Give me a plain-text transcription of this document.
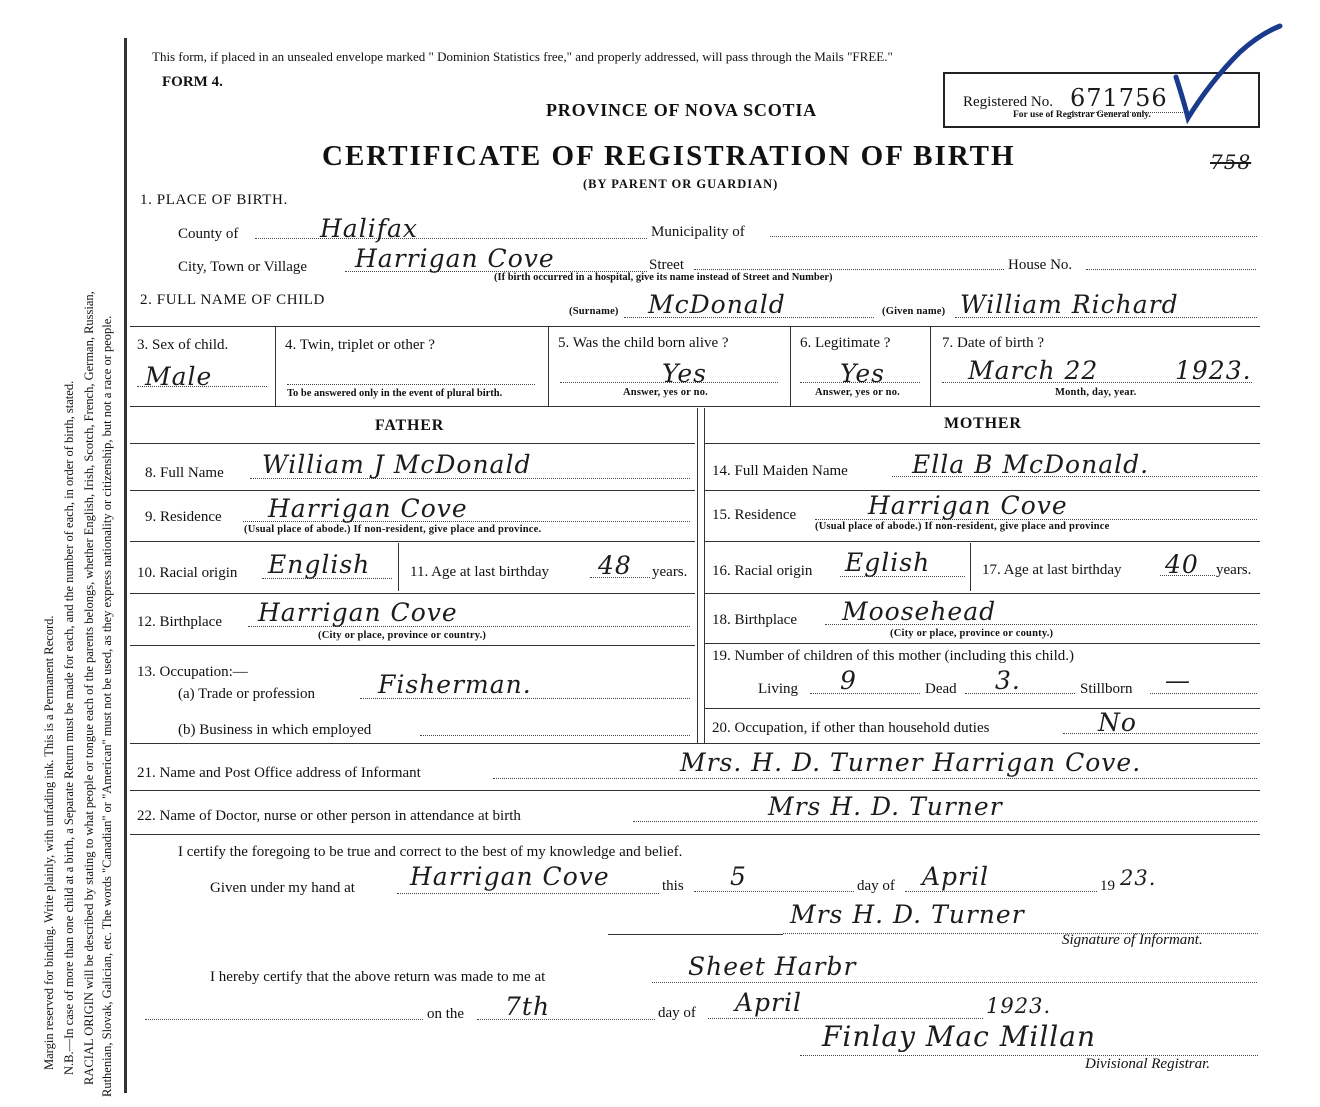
Margin reserved for binding. Write plainly, with unfading ink. This is a Permanent Record. N.B.—In case of more than one child at a birth, a Separate Return must be made for each, and the number of each, in order of birth, stated. RACIAL ORIGIN will be described by stating to what people or tongue each of the parents belongs, whether English, Irish, Scotch, French, German, Russian, Ruthenian, Slovak, Galician, etc. The words "Canadian" or "American" must not be used, as they express nationality or citizenship, but not a race or people.
This form, if placed in an unsealed envelope marked " Dominion Statistics free," and properly addressed, will pass through the Mails "FREE."
FORM 4.
PROVINCE OF NOVA SCOTIA
CERTIFICATE OF REGISTRATION OF BIRTH
(BY PARENT OR GUARDIAN)
Registered No. 671756
For use of Registrar General only.
758
1. PLACE OF BIRTH.
County of	Halifax	Municipality of
City, Town or Village Harrigan Cove	Street
(If birth occurred in a hospital, give its name instead of Street and Number)
House No.
2. FULL NAME OF CHILD
(Surname) McDonald	(Given name) William Richard
3. Sex of child.
Male
4. Twin, triplet or other ?
To be answered only in the event of plural birth.
5. Was the child born alive ?
Yes
Answer, yes or no.
6. Legitimate ?
Yes
Answer, yes or no.
7. Date of birth ?
March 22	1923.
Month, day, year.
FATHER	MOTHER
8. Full Name William J McDonald	14. Full Maiden Name	Ella B McDonald.
9. Residence Harrigan Cove
(Usual place of abode.) If non-resident, give place and province.
15. Residence	Harrigan Cove
(Usual place of abode.) If non-resident, give place and province
10. Racial origin English	11. Age at last birthday 48 years. 16. Racial origin Eglish	17. Age at last birthday 40 years.
12. Birthplace Harrigan Cove
(City or place, province or country.)
18. Birthplace Moosehead
(City or place, province or county.)
13. Occupation:—
(a) Trade or profession	Fisherman.
19. Number of children of this mother (including this child.)
Living 9	Dead 3.	Stillborn —
(b) Business in which employed	20. Occupation, if other than household duties	No
21. Name and Post Office address of Informant	Mrs. H. D. Turner Harrigan Cove.
22. Name of Doctor, nurse or other person in attendance at birth	Mrs H. D. Turner
I certify the foregoing to be true and correct to the best of my knowledge and belief.
Given under my hand at Harrigan Cove	this 5	day of April	19 23.
Mrs H. D. Turner
Signature of Informant.
I hereby certify that the above return was made to me at	Sheet Harbr
on the 7th	day of April	1923.
Finlay Mac Millan
Divisional Registrar.
